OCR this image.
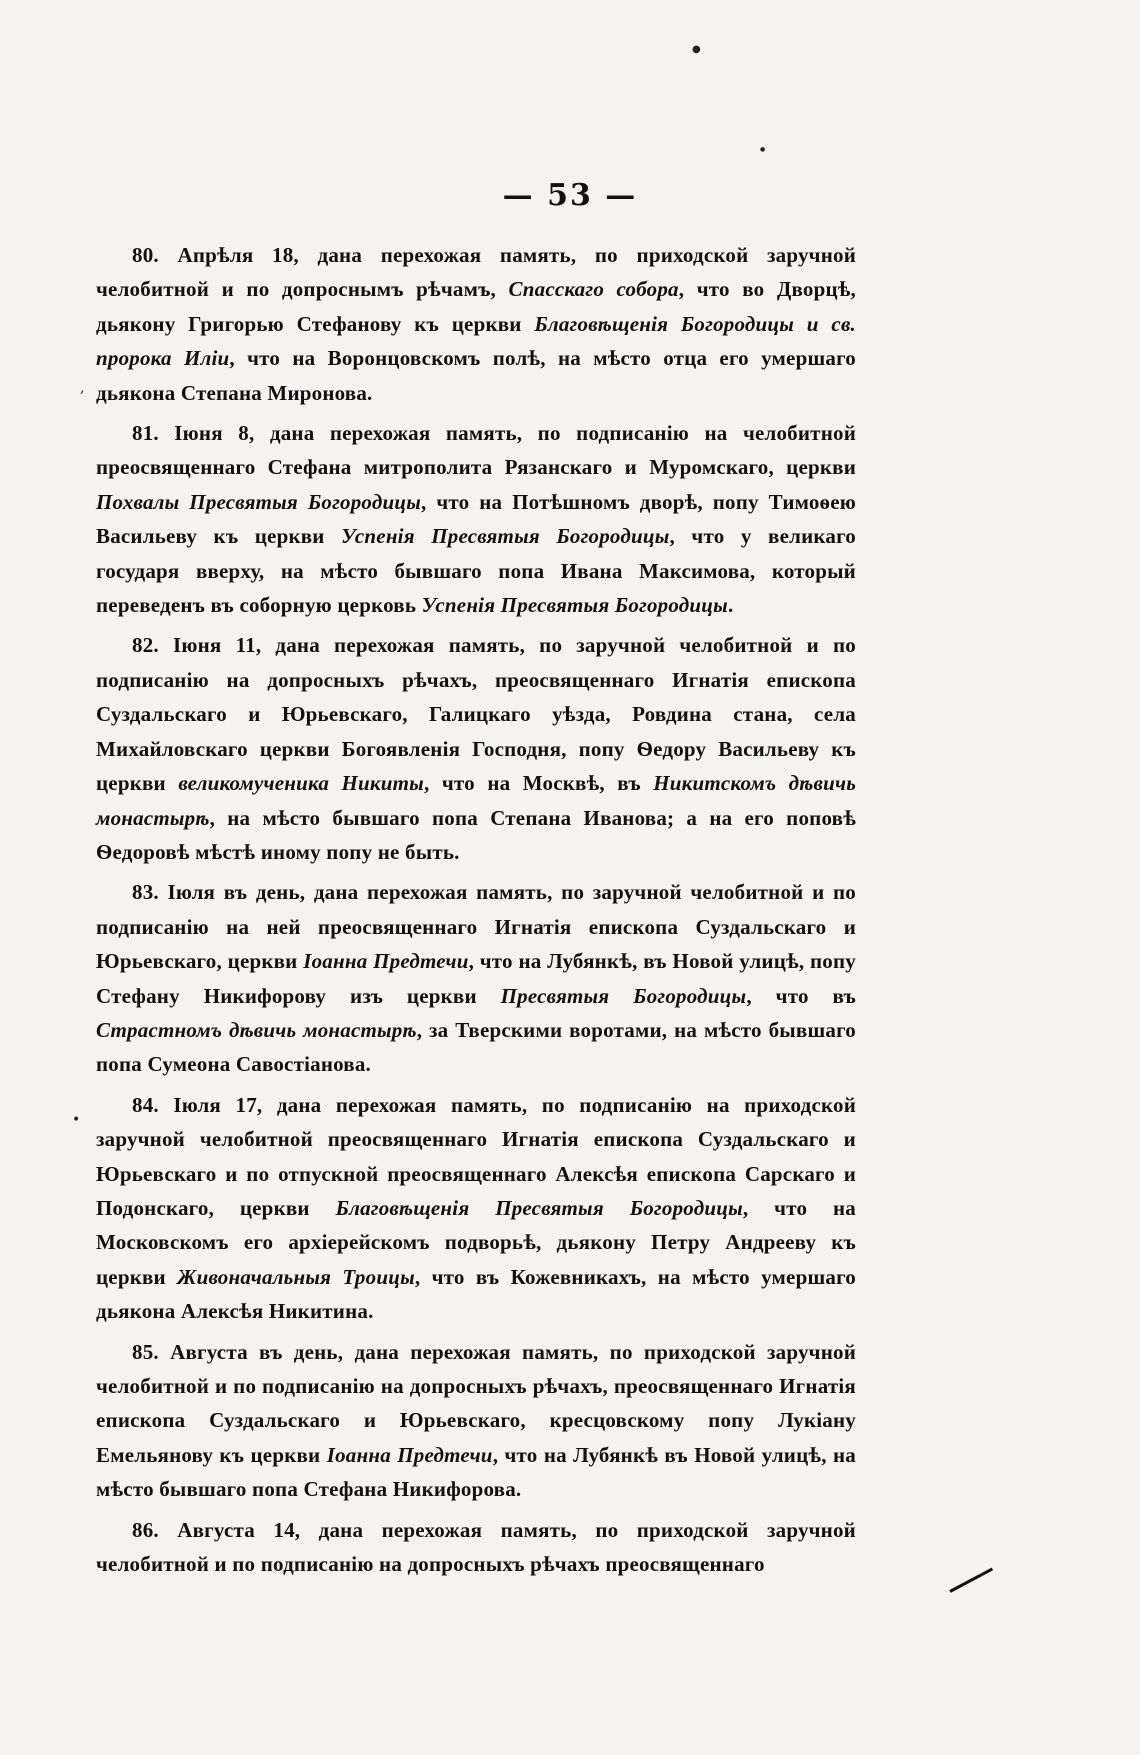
●
●
,
•
— 53 —

80. Апрѣля 18, дана перехожая память, по приходской заручной челобитной и по допроснымъ рѣчамъ, Спасскаго собора, что во Дворцѣ, дьякону Григорью Стефанову къ церкви Благовѣщенія Богородицы и св. пророка Иліи, что на Воронцовскомъ полѣ, на мѣсто отца его умершаго дьякона Степана Миронова.

81. Іюня 8, дана перехожая память, по подписанію на челобитной преосвященнаго Стефана митрополита Рязанскаго и Муромскаго, церкви Похвалы Пресвятыя Богородицы, что на Потѣшномъ дворѣ, попу Тимоѳею Васильеву къ церкви Успенія Пресвятыя Богородицы, что у великаго государя вверху, на мѣсто бывшаго попа Ивана Максимова, который переведенъ въ соборную церковь Успенія Пресвятыя Богородицы.

82. Іюня 11, дана перехожая память, по заручной челобитной и по подписанію на допросныхъ рѣчахъ, преосвященнаго Игнатія епископа Суздальскаго и Юрьевскаго, Галицкаго уѣзда, Ровдина стана, села Михайловскаго церкви Богоявленія Господня, попу Ѳедору Васильеву къ церкви великомученика Никиты, что на Москвѣ, въ Никитскомъ дѣвичь монастырѣ, на мѣсто бывшаго попа Степана Иванова; а на его поповѣ Ѳедоровѣ мѣстѣ иному попу не быть.

83. Іюля въ день, дана перехожая память, по заручной челобитной и по подписанію на ней преосвященнаго Игнатія епископа Суздальскаго и Юрьевскаго, церкви Іоанна Предтечи, что на Лубянкѣ, въ Новой улицѣ, попу Стефану Никифорову изъ церкви Пресвятыя Богородицы, что въ Страстномъ дѣвичь монастырѣ, за Тверскими воротами, на мѣсто бывшаго попа Сумеона Савостіанова.

84. Іюля 17, дана перехожая память, по подписанію на приходской заручной челобитной преосвященнаго Игнатія епископа Суздальскаго и Юрьевскаго и по отпускной преосвященнаго Алексѣя епископа Сарскаго и Подонскаго, церкви Благовѣщенія Пресвятыя Богородицы, что на Московскомъ его архіерейскомъ подворьѣ, дьякону Петру Андрееву къ церкви Живоначальныя Троицы, что въ Кожевникахъ, на мѣсто умершаго дьякона Алексѣя Никитина.

85. Августа въ день, дана перехожая память, по приходской заручной челобитной и по подписанію на допросныхъ рѣчахъ, преосвященнаго Игнатія епископа Суздальскаго и Юрьевскаго, кресцовскому попу Лукіану Емельянову къ церкви Іоанна Предтечи, что на Лубянкѣ въ Новой улицѣ, на мѣсто бывшаго попа Стефана Никифорова.

86. Августа 14, дана перехожая память, по приходской заручной челобитной и по подписанію на допросныхъ рѣчахъ преосвященнаго
